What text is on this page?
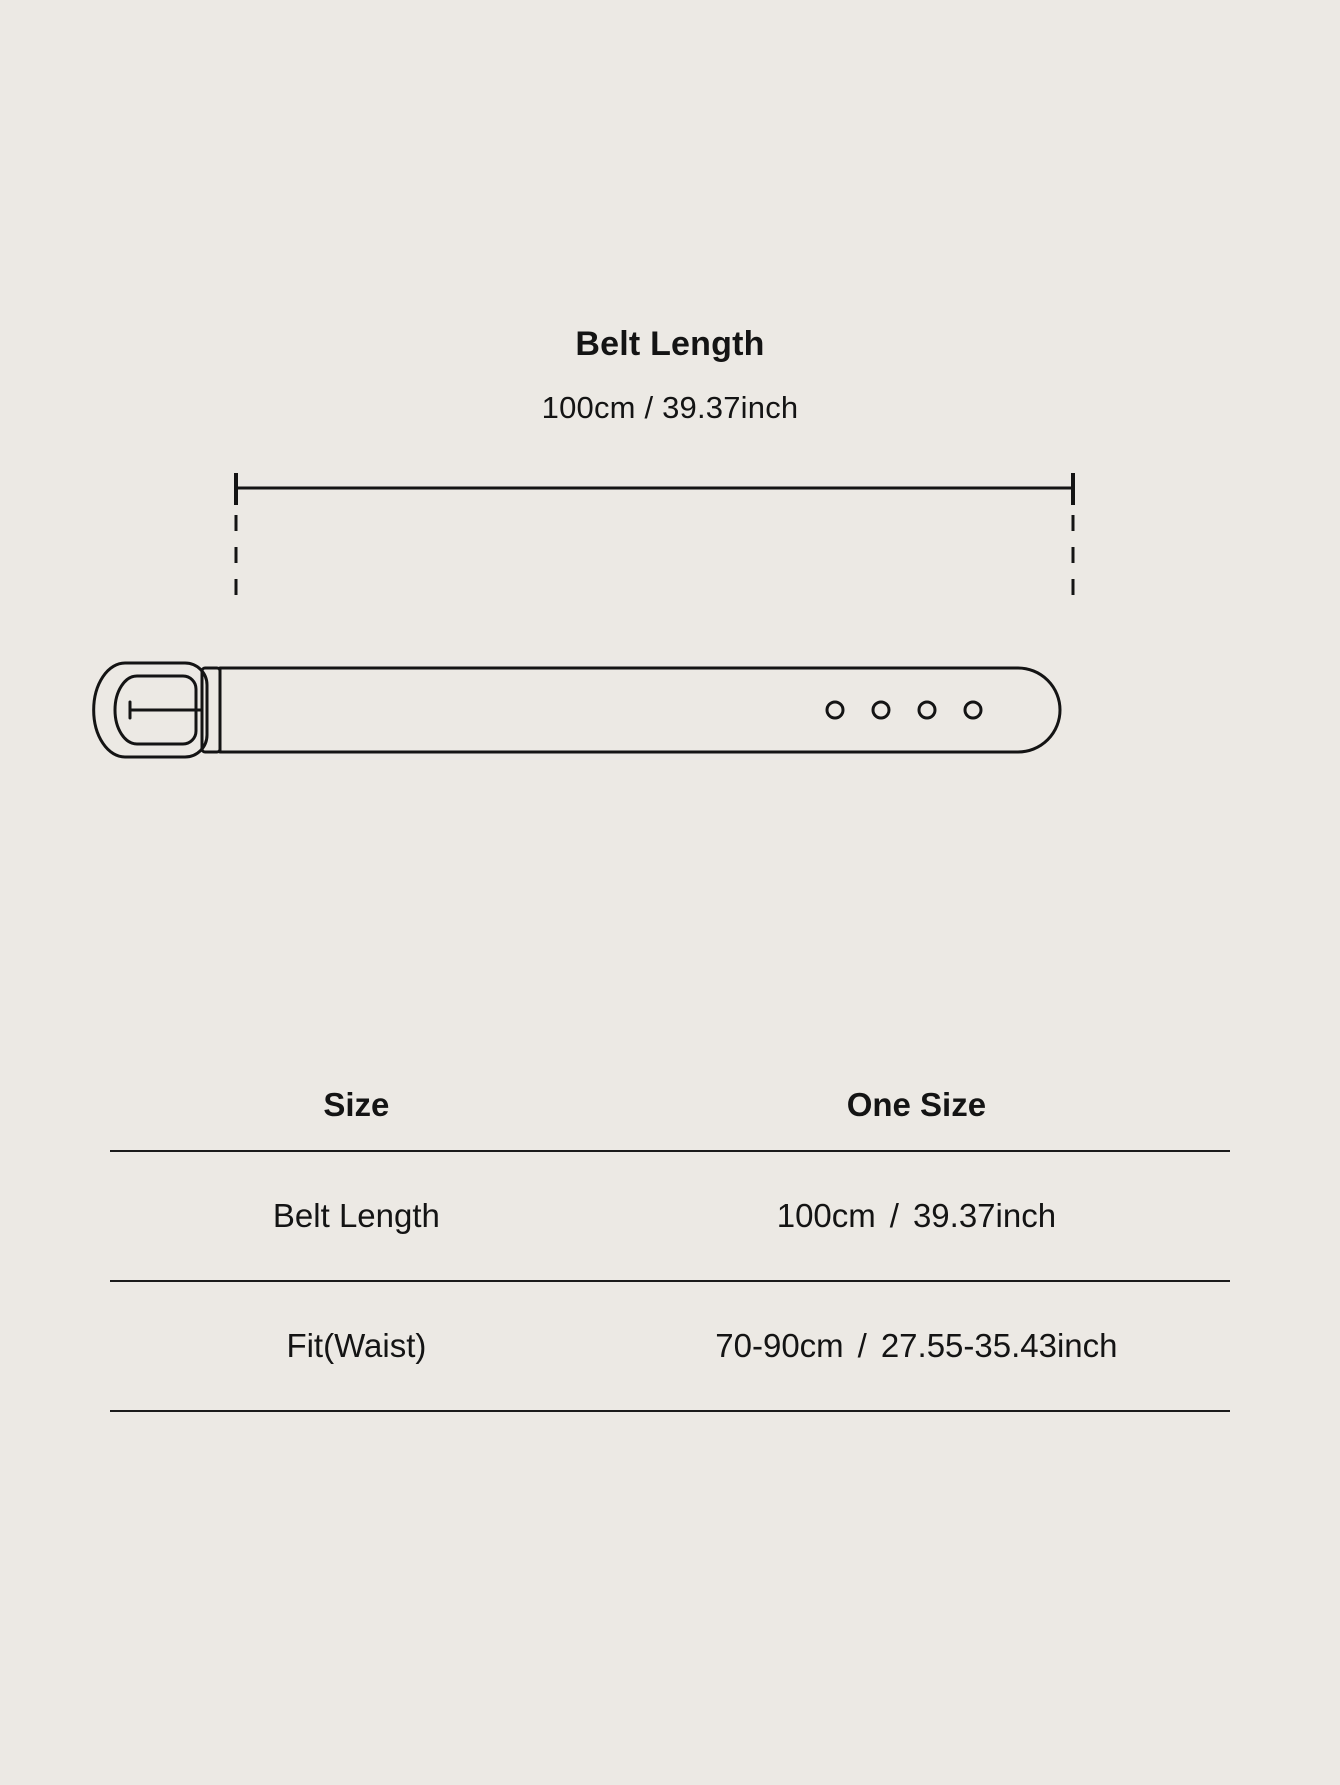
Belt Length
100cm / 39.37inch
Size	One Size

Belt Length	100cm / 39.37inch

Fit(Waist)	70-90cm / 27.55-35.43inch
